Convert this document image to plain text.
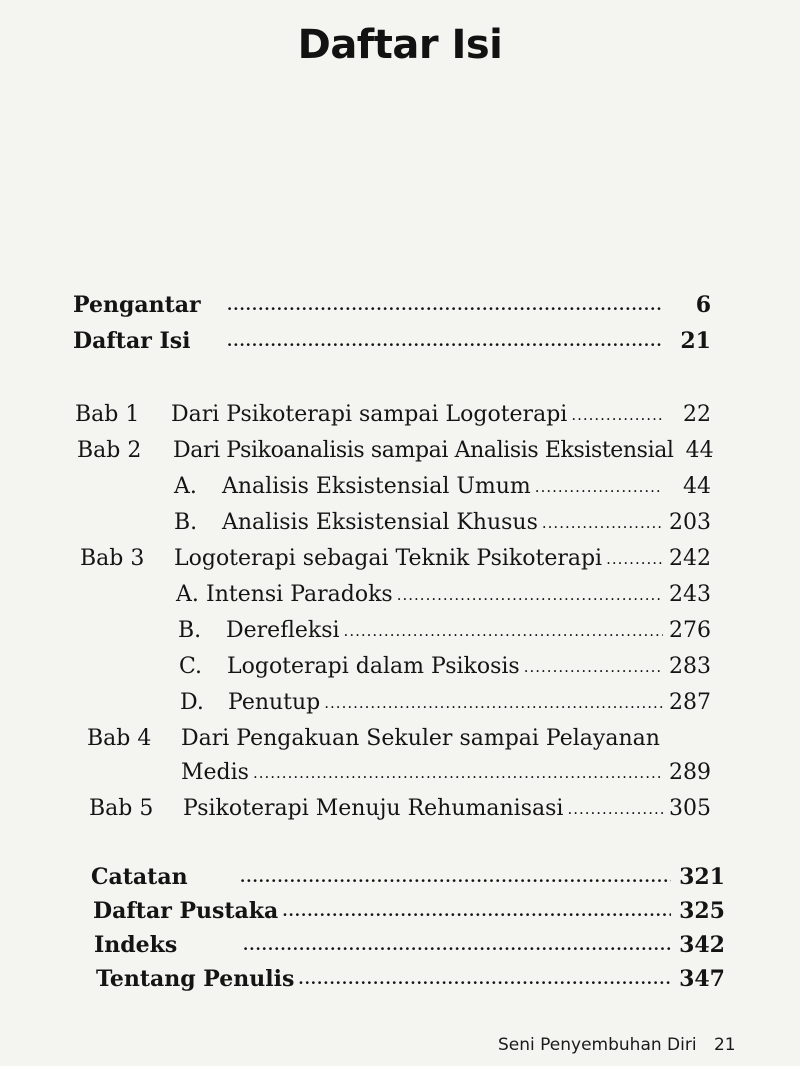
Daftar Isi
Pengantar .....	6
Daftar Isi .....	21
Bab 1 Dari Psikoterapi sampai Logoterapi .....	22
Bab 2 Dari Psikoanalisis sampai Analisis Eksistensial 44
A.	Analisis Eksistensial Umum .....	44
B.	Analisis Eksistensial Khusus .....	203
Bab 3 Logoterapi sebagai Teknik Psikoterapi .....	242
A. Intensi Paradoks .....	243
B.	Derefleksi .....	276
C.	Logoterapi dalam Psikosis .....	283
D.	Penutup .....	287
Bab 4 Dari Pengakuan Sekuler sampai Pelayanan
Medis .....	289
Bab 5 Psikoterapi Menuju Rehumanisasi .....	305
Catatan .....	321
Daftar Pustaka .....	325
Indeks .....	342
Tentang Penulis .....	347
Seni Penyembuhan Diri 21
